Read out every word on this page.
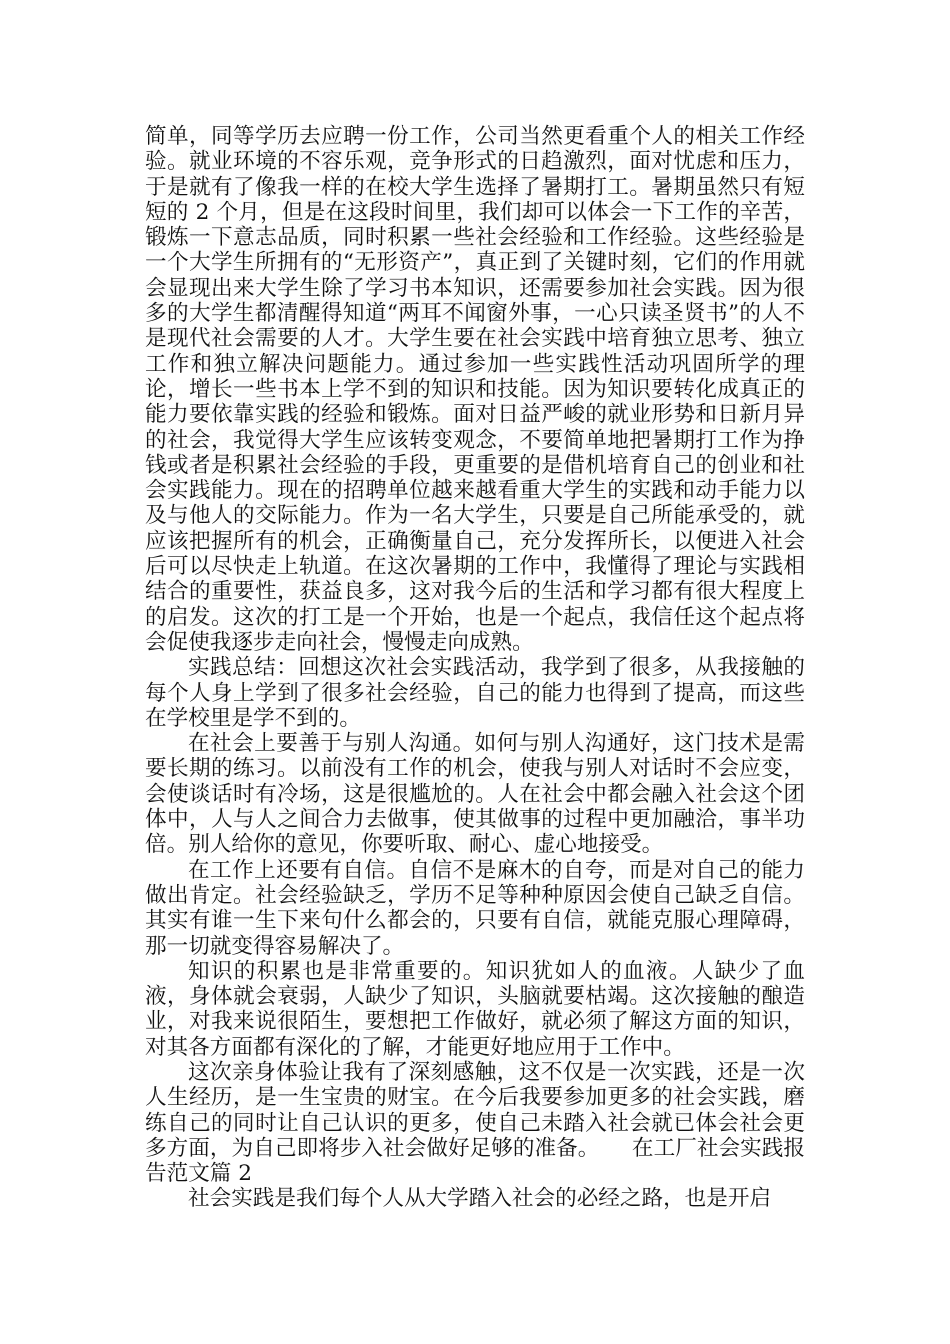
简单，同等学历去应聘一份工作，公司当然更看重个人的相关工作经验。就业环境的不容乐观，竞争形式的日趋激烈，面对忧虑和压力，于是就有了像我一样的在校大学生选择了暑期打工。暑期虽然只有短短的 2 个月，但是在这段时间里，我们却可以体会一下工作的辛苦，锻炼一下意志品质，同时积累一些社会经验和工作经验。这些经验是一个大学生所拥有的“无形资产”，真正到了关键时刻，它们的作用就会显现出来大学生除了学习书本知识，还需要参加社会实践。因为很多的大学生都清醒得知道“两耳不闻窗外事，一心只读圣贤书”的人不是现代社会需要的人才。大学生要在社会实践中培育独立思考、独立工作和独立解决问题能力。通过参加一些实践性活动巩固所学的理论，增长一些书本上学不到的知识和技能。因为知识要转化成真正的能力要依靠实践的经验和锻炼。面对日益严峻的就业形势和日新月异的社会，我觉得大学生应该转变观念，不要简单地把暑期打工作为挣钱或者是积累社会经验的手段，更重要的是借机培育自己的创业和社会实践能力。现在的招聘单位越来越看重大学生的实践和动手能力以及与他人的交际能力。作为一名大学生，只要是自己所能承受的，就应该把握所有的机会，正确衡量自己，充分发挥所长，以便进入社会后可以尽快走上轨道。在这次暑期的工作中，我懂得了理论与实践相结合的重要性，获益良多，这对我今后的生活和学习都有很大程度上的启发。这次的打工是一个开始，也是一个起点，我信任这个起点将会促使我逐步走向社会，慢慢走向成熟。

实践总结：回想这次社会实践活动，我学到了很多，从我接触的每个人身上学到了很多社会经验，自己的能力也得到了提高，而这些在学校里是学不到的。

在社会上要善于与别人沟通。如何与别人沟通好，这门技术是需要长期的练习。以前没有工作的机会，使我与别人对话时不会应变，会使谈话时有冷场，这是很尴尬的。人在社会中都会融入社会这个团体中，人与人之间合力去做事，使其做事的过程中更加融洽，事半功倍。别人给你的意见，你要听取、耐心、虚心地接受。

在工作上还要有自信。自信不是麻木的自夸，而是对自己的能力做出肯定。社会经验缺乏，学历不足等种种原因会使自己缺乏自信。其实有谁一生下来句什么都会的，只要有自信，就能克服心理障碍，那一切就变得容易解决了。

知识的积累也是非常重要的。知识犹如人的血液。人缺少了血液，身体就会衰弱，人缺少了知识，头脑就要枯竭。这次接触的酿造业，对我来说很陌生，要想把工作做好，就必须了解这方面的知识，对其各方面都有深化的了解，才能更好地应用于工作中。

这次亲身体验让我有了深刻感触，这不仅是一次实践，还是一次人生经历，是一生宝贵的财宝。在今后我要参加更多的社会实践，磨练自己的同时让自己认识的更多，使自己未踏入社会就已体会社会更多方面，为自己即将步入社会做好足够的准备。　　在工厂社会实践报告范文篇 2

社会实践是我们每个人从大学踏入社会的必经之路，也是开启
